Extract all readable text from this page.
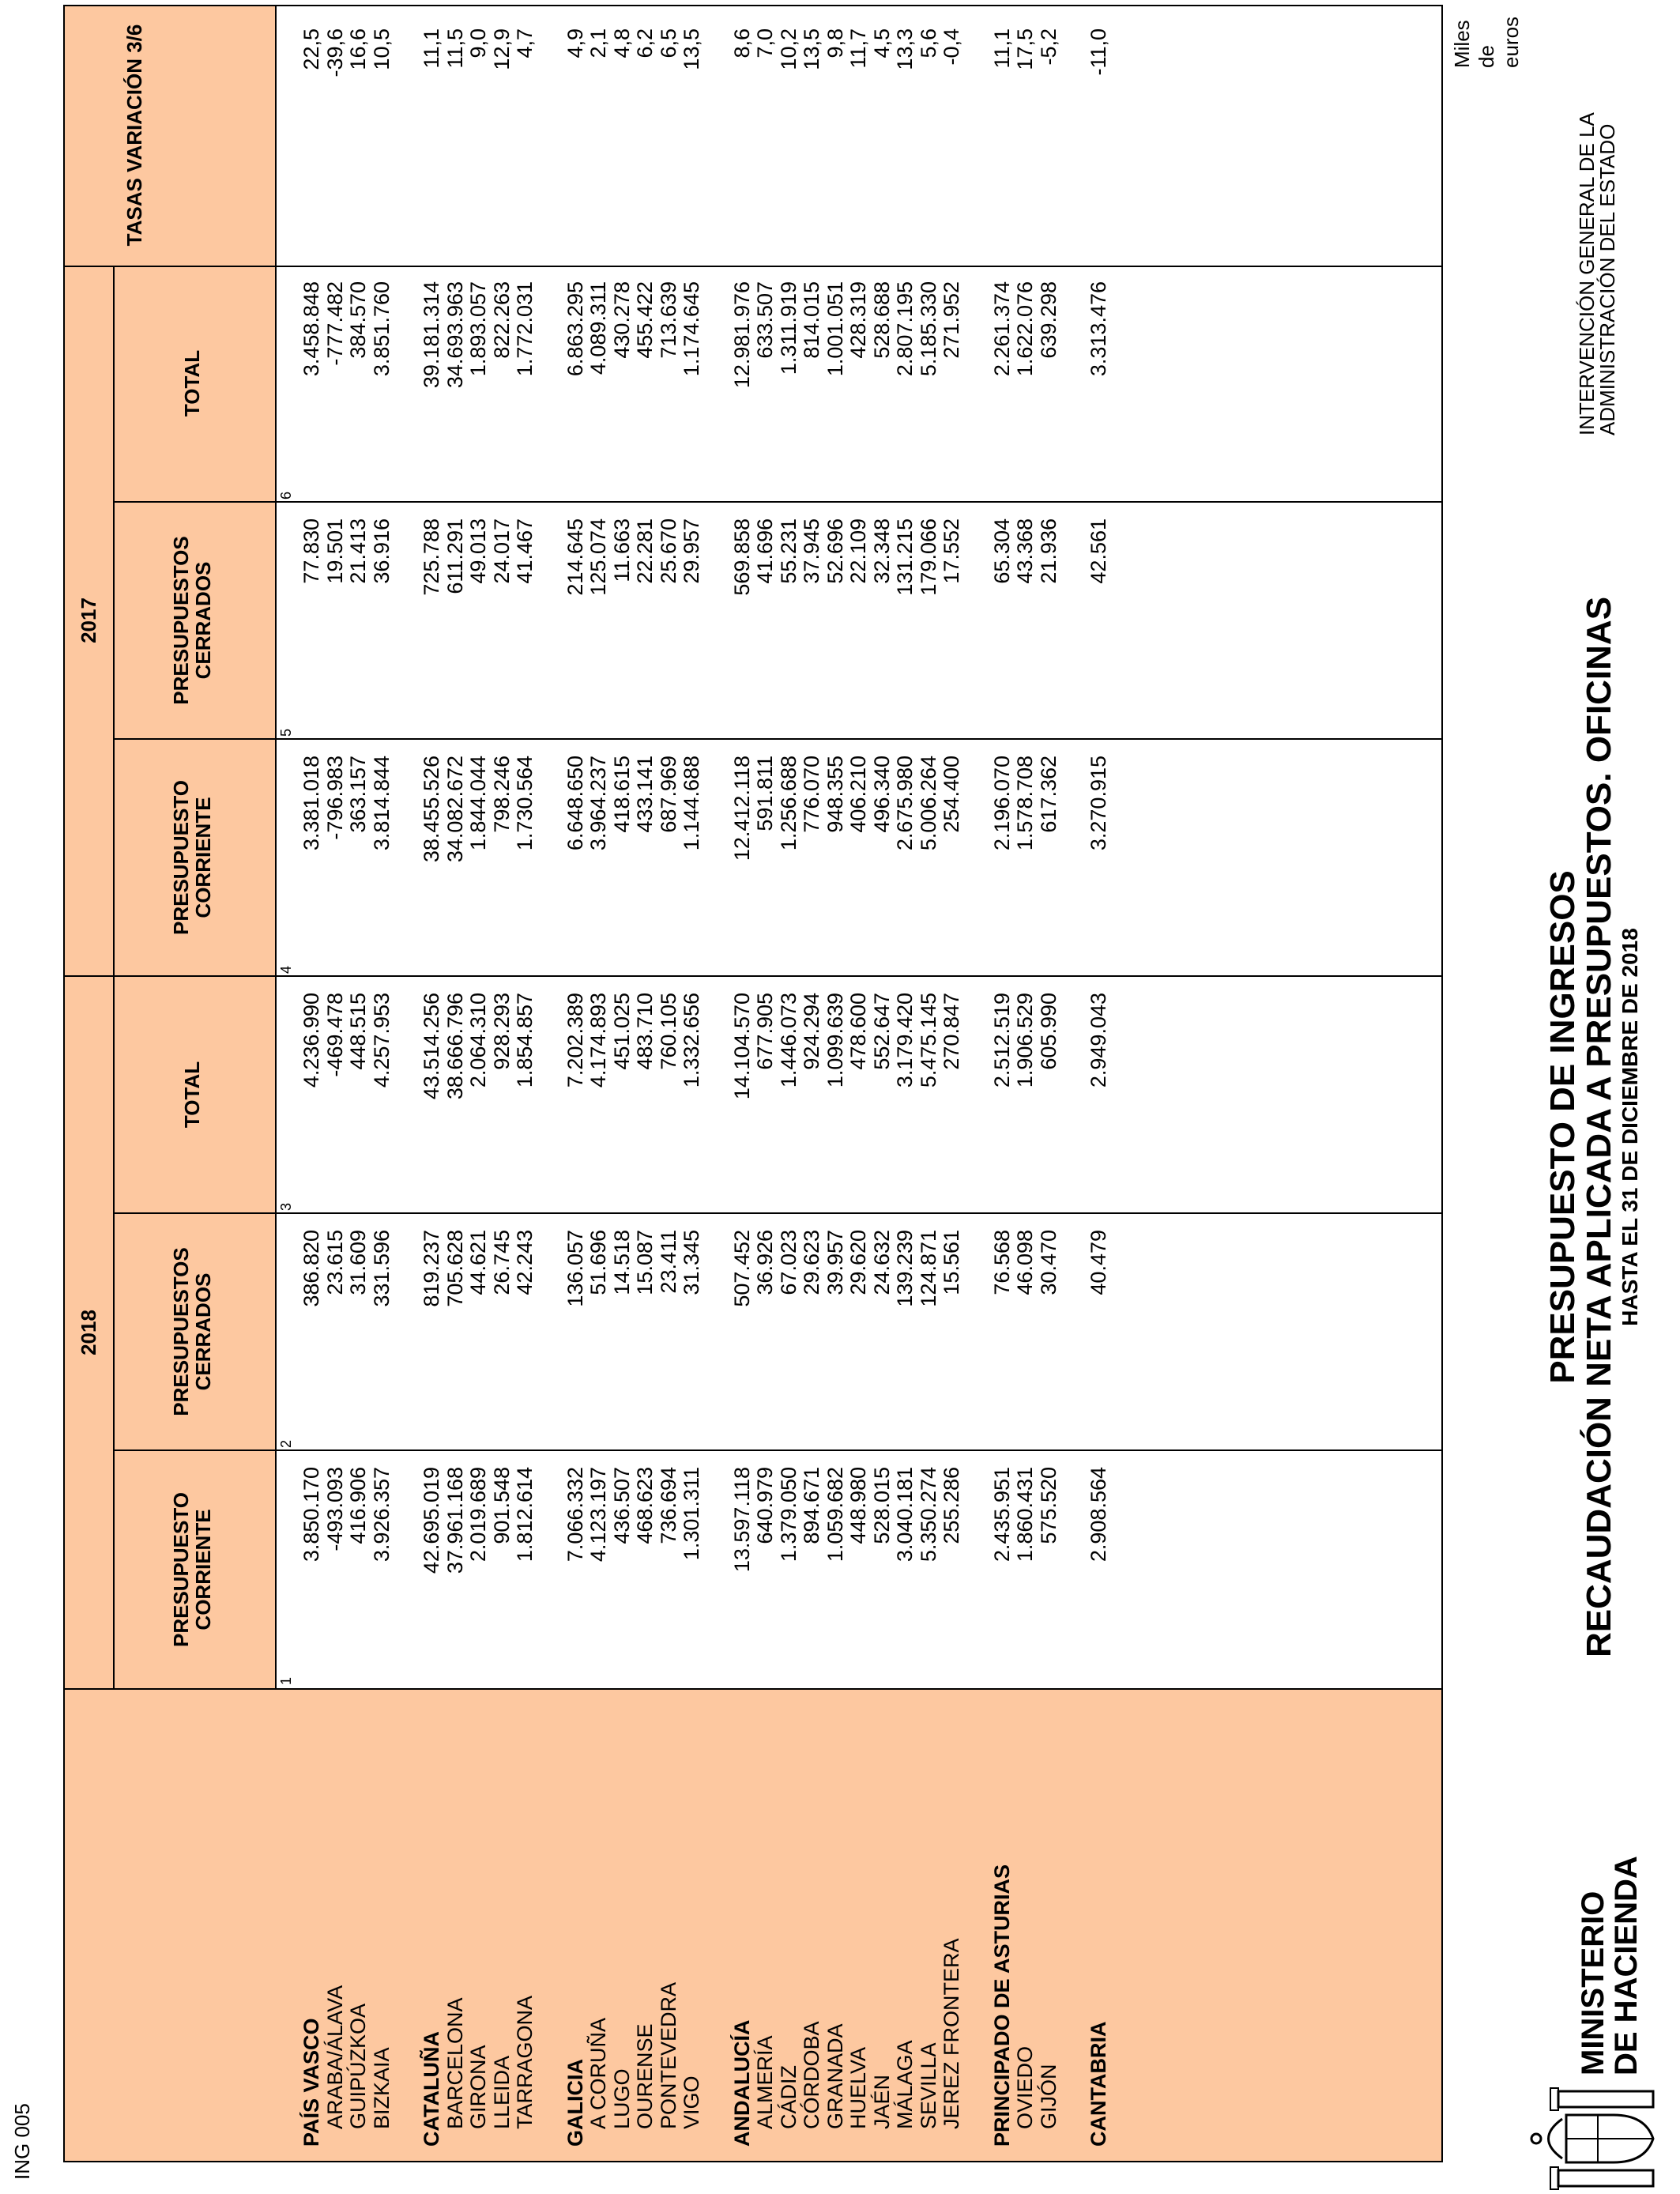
MINISTERIO
DE HACIENDA
PRESUPUESTO DE INGRESOS
RECAUDACIÓN NETA APLICADA A PRESUPUESTOS. OFICINAS HASTA EL 31 DE DICIEMBRE DE 2018
INTERVENCIÓN GENERAL DE LA
ADMINISTRACIÓN DEL ESTADO
Miles de euros
ING 005
2018
2017
PRESUPUESTO CORRIENTE
PRESUPUESTOS CERRADOS
TOTAL
PRESUPUESTO CORRIENTE
PRESUPUESTOS CERRADOS
TOTAL
TASAS VARIACIÓN 3/6
1
2
3
4
5
6
PAÍS VASCO
3.850.170
386.820
4.236.990
3.381.018
77.830
3.458.848
22,5
ARABA/ÁLAVA
-493.093
23.615
-469.478
-796.983
19.501
-777.482
-39,6
GUIPÚZKOA
416.906
31.609
448.515
363.157
21.413
384.570
16,6
BIZKAIA
3.926.357
331.596
4.257.953
3.814.844
36.916
3.851.760
10,5
CATALUÑA
42.695.019
819.237
43.514.256
38.455.526
725.788
39.181.314
11,1
BARCELONA
37.961.168
705.628
38.666.796
34.082.672
611.291
34.693.963
11,5
GIRONA
2.019.689
44.621
2.064.310
1.844.044
49.013
1.893.057
9,0
LLEIDA
901.548
26.745
928.293
798.246
24.017
822.263
12,9
TARRAGONA
1.812.614
42.243
1.854.857
1.730.564
41.467
1.772.031
4,7
GALICIA
7.066.332
136.057
7.202.389
6.648.650
214.645
6.863.295
4,9
A CORUÑA
4.123.197
51.696
4.174.893
3.964.237
125.074
4.089.311
2,1
LUGO
436.507
14.518
451.025
418.615
11.663
430.278
4,8
OURENSE
468.623
15.087
483.710
433.141
22.281
455.422
6,2
PONTEVEDRA
736.694
23.411
760.105
687.969
25.670
713.639
6,5
VIGO
1.301.311
31.345
1.332.656
1.144.688
29.957
1.174.645
13,5
ANDALUCÍA
13.597.118
507.452
14.104.570
12.412.118
569.858
12.981.976
8,6
ALMERÍA
640.979
36.926
677.905
591.811
41.696
633.507
7,0
CÁDIZ
1.379.050
67.023
1.446.073
1.256.688
55.231
1.311.919
10,2
CÓRDOBA
894.671
29.623
924.294
776.070
37.945
814.015
13,5
GRANADA
1.059.682
39.957
1.099.639
948.355
52.696
1.001.051
9,8
HUELVA
448.980
29.620
478.600
406.210
22.109
428.319
11,7
JAÉN
528.015
24.632
552.647
496.340
32.348
528.688
4,5
MÁLAGA
3.040.181
139.239
3.179.420
2.675.980
131.215
2.807.195
13,3
SEVILLA
5.350.274
124.871
5.475.145
5.006.264
179.066
5.185.330
5,6
JEREZ FRONTERA
255.286
15.561
270.847
254.400
17.552
271.952
-0,4
PRINCIPADO DE ASTURIAS
2.435.951
76.568
2.512.519
2.196.070
65.304
2.261.374
11,1
OVIEDO
1.860.431
46.098
1.906.529
1.578.708
43.368
1.622.076
17,5
GIJÓN
575.520
30.470
605.990
617.362
21.936
639.298
-5,2
CANTABRIA
2.908.564
40.479
2.949.043
3.270.915
42.561
3.313.476
-11,0
